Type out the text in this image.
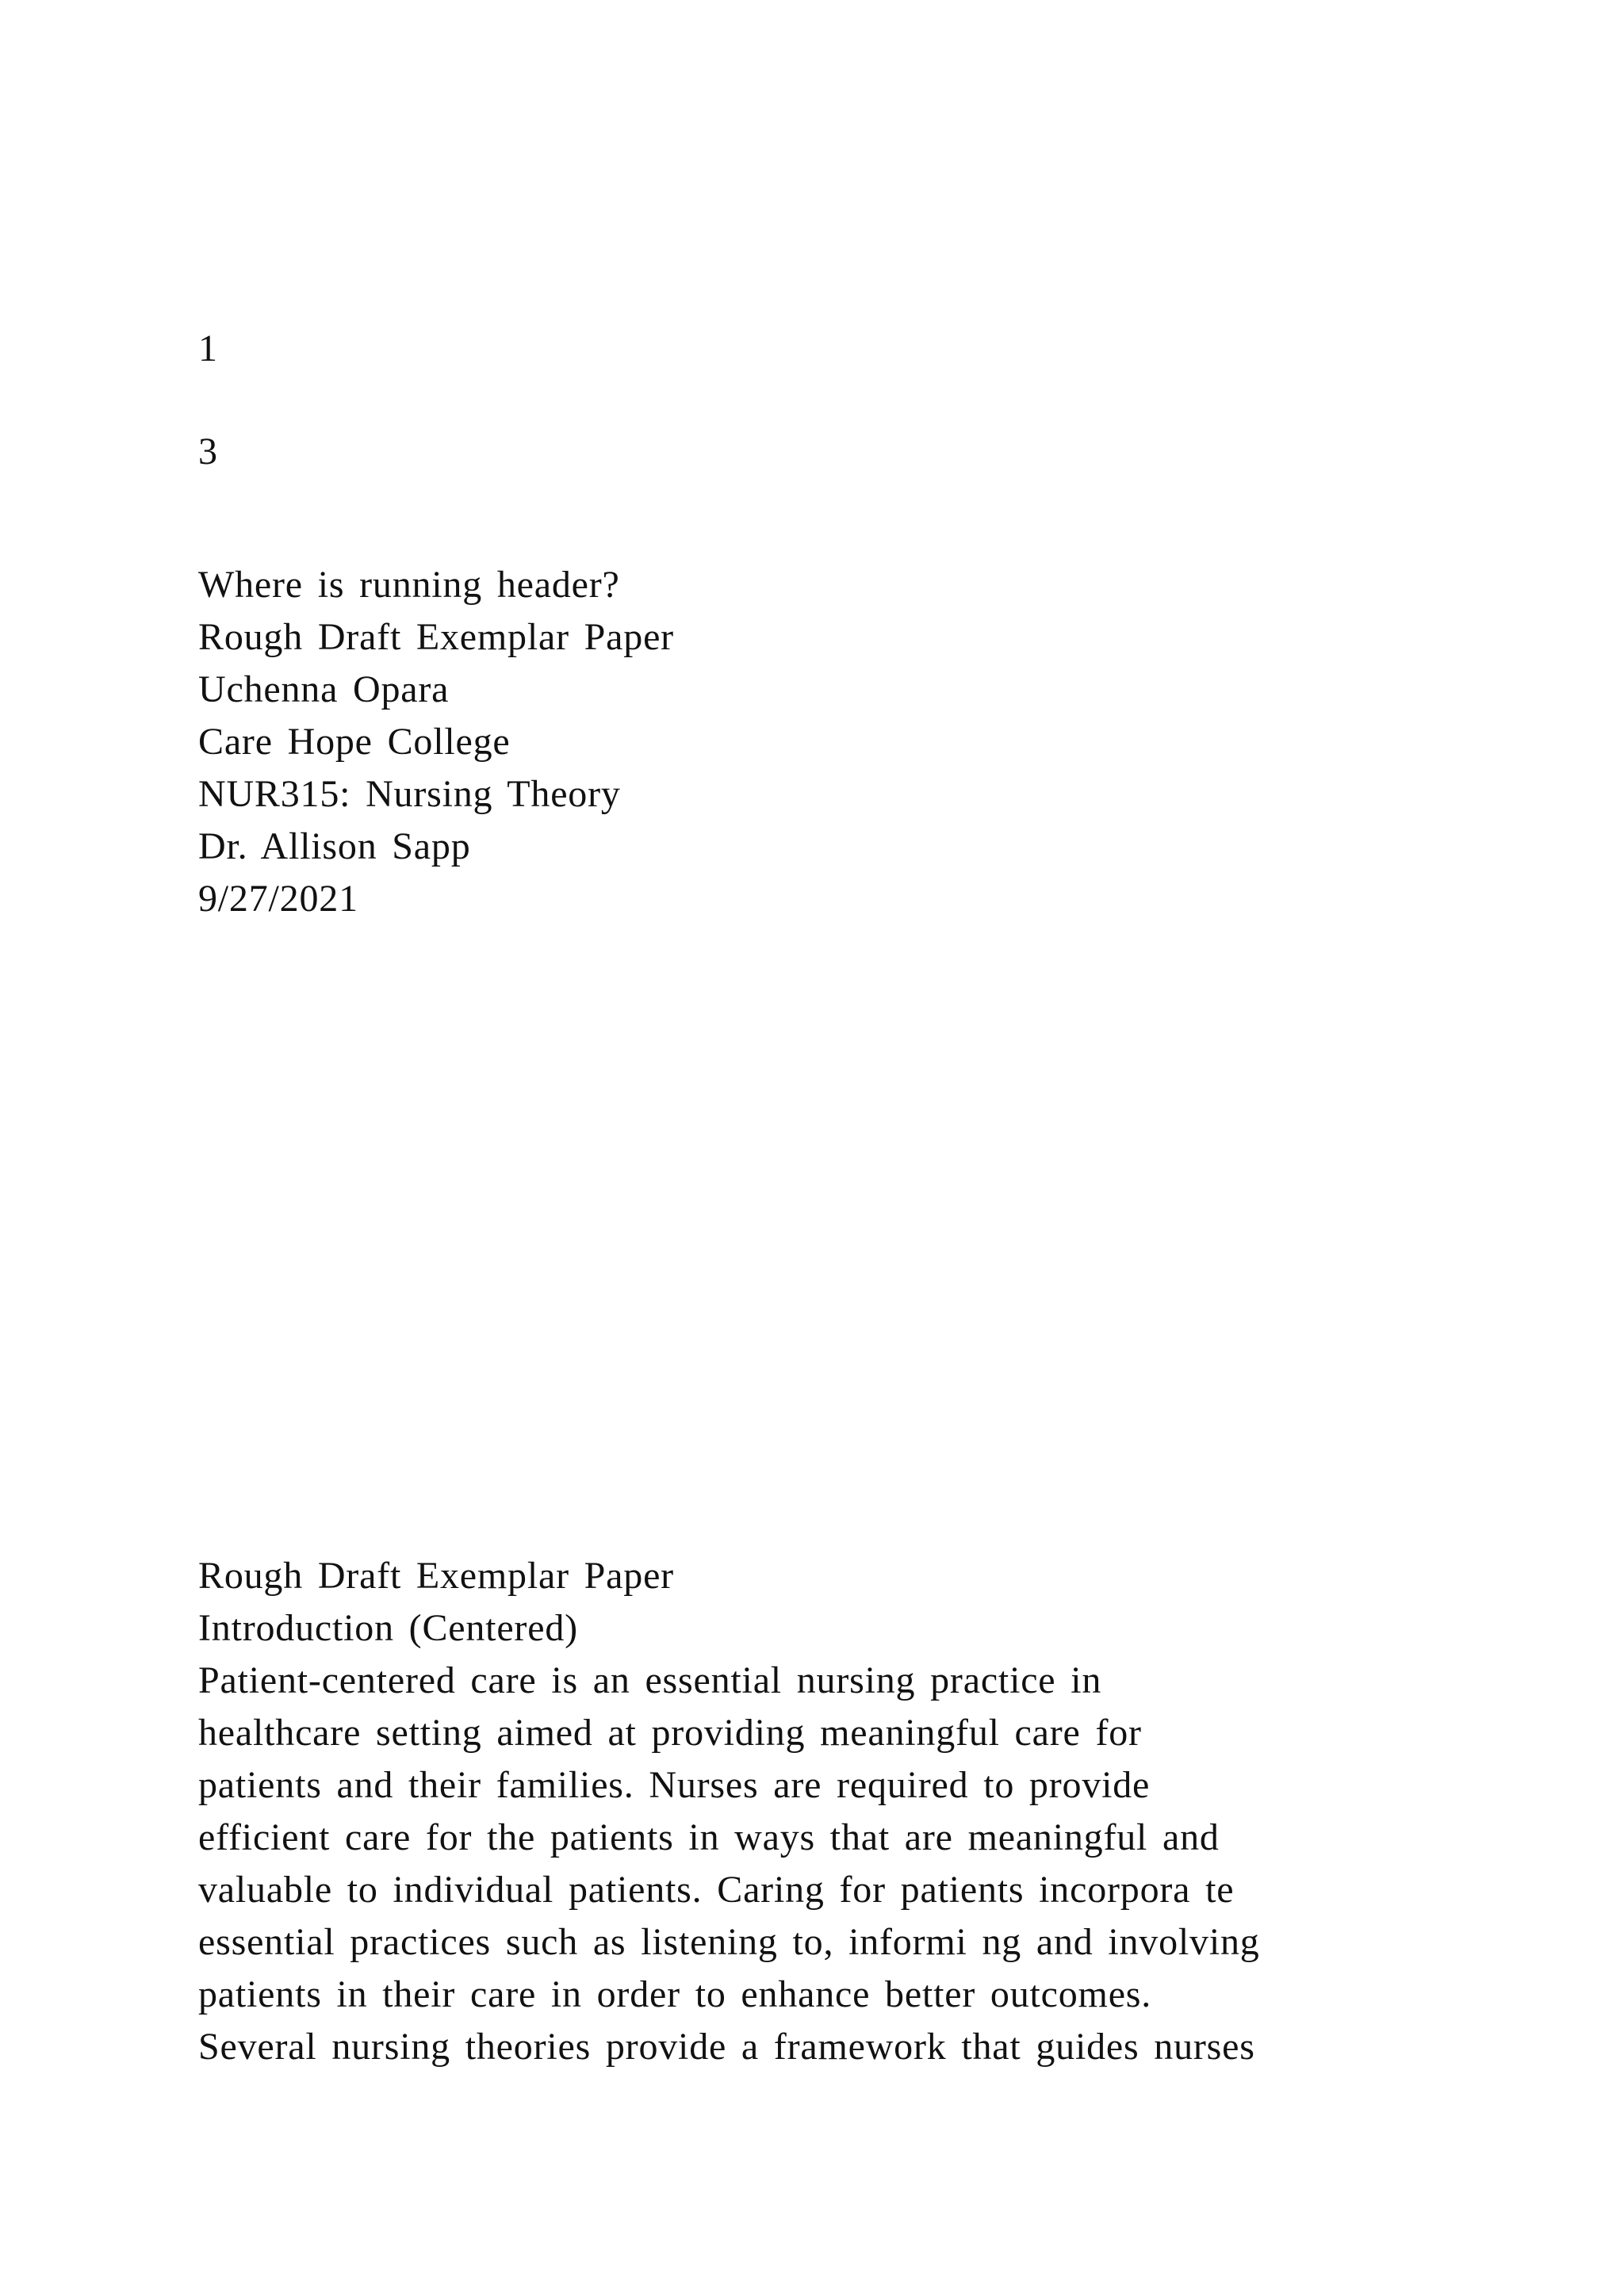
1
3
Where is running header?
Rough Draft Exemplar Paper
Uchenna Opara
Care Hope College
NUR315: Nursing Theory
Dr. Allison Sapp
9/27/2021
Rough Draft Exemplar Paper
Introduction (Centered)
Patient-centered care is an essential nursing practice in
healthcare setting aimed at providing meaningful care for
patients and their families. Nurses are required to provide
efficient care for the patients in ways that are meaningful and
valuable to individual patients. Caring for patients incorpora te
essential practices such as listening to, informi ng and involving
patients in their care in order to enhance better outcomes.
Several nursing theories provide a framework that guides nurses
